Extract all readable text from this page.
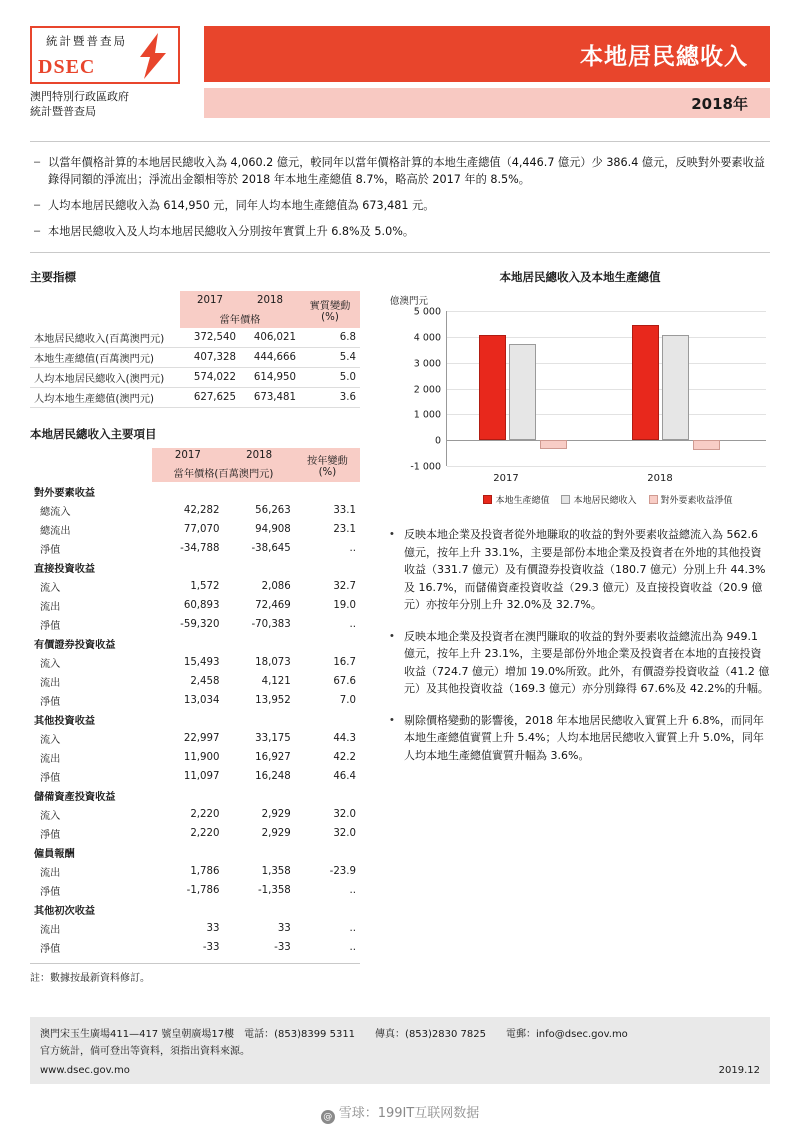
統計暨普查局
DSEC
澳門特別行政區政府
統計暨普查局
本地居民總收入
2018年
– 以當年價格計算的本地居民總收入為 4,060.2 億元，較同年以當年價格計算的本地生產總值（4,446.7 億元）少 386.4 億元，反映對外要素收益錄得同額的淨流出；淨流出金額相等於 2018 年本地生產總值 8.7%，略高於 2017 年的 8.5%。
– 人均本地居民總收入為 614,950 元，同年人均本地生產總值為 673,481 元。
– 本地居民總收入及人均本地居民總收入分別按年實質上升 6.8%及 5.0%。
主要指標
	2017	2018	實質變動
(%)

	當年價格		
本地居民總收入(百萬澳門元)	372,540	406,021	6.8
本地生產總值(百萬澳門元)	407,328	444,666	5.4
人均本地居民總收入(澳門元)	574,022	614,950	5.0
人均本地生產總值(澳門元)	627,625	673,481	3.6
本地居民總收入主要項目
	2017	2018	按年變動
(%)

	當年價格(百萬澳門元)		
對外要素收益			
總流入	42,282	56,263	33.1
總流出	77,070	94,908	23.1
淨值	-34,788	-38,645	..
直接投資收益			
流入	1,572	2,086	32.7
流出	60,893	72,469	19.0
淨值	-59,320	-70,383	..
有價證券投資收益			
流入	15,493	18,073	16.7
流出	2,458	4,121	67.6
淨值	13,034	13,952	7.0
其他投資收益			
流入	22,997	33,175	44.3
流出	11,900	16,927	42.2
淨值	11,097	16,248	46.4
儲備資產投資收益			
流入	2,220	2,929	32.0
淨值	2,220	2,929	32.0
僱員報酬			
流出	1,786	1,358	-23.9
淨值	-1,786	-1,358	..
其他初次收益			
流出	33	33	..
淨值	-33	-33	..
註：數據按最新資料修訂。
本地居民總收入及本地生產總值
億澳門元
5 000
4 000
3 000
2 000
1 000
0
-1 000
2017	2018
本地生產總值	本地居民總收入	對外要素收益淨值
• 反映本地企業及投資者從外地賺取的收益的對外要素收益總流入為 562.6 億元，按年上升 33.1%，主要是部份本地企業及投資者在外地的其他投資收益（331.7 億元）及有價證券投資收益（180.7 億元）分別上升 44.3%及 16.7%，而儲備資產投資收益（29.3 億元）及直接投資收益（20.9 億元）亦按年分別上升 32.0%及 32.7%。
• 反映本地企業及投資者在澳門賺取的收益的對外要素收益總流出為 949.1 億元，按年上升 23.1%，主要是部份外地企業及投資者在本地的直接投資收益（724.7 億元）增加 19.0%所致。此外，有價證券投資收益（41.2 億元）及其他投資收益（169.3 億元）亦分別錄得 67.6%及 42.2%的升幅。
• 剔除價格變動的影響後，2018 年本地居民總收入實質上升 6.8%，而同年本地生產總值實質上升 5.4%；人均本地居民總收入實質上升 5.0%，同年人均本地生產總值實質升幅為 3.6%。
澳門宋玉生廣場411—417 號皇朝廣場17樓　電話：(853)8399 5311　　傳真：(853)2830 7825　　電郵：info@dsec.gov.mo
官方統計，倘可登出等資料，須指出資料來源。
www.dsec.gov.mo	2019.12
@ 雪球：199IT互联网数据
